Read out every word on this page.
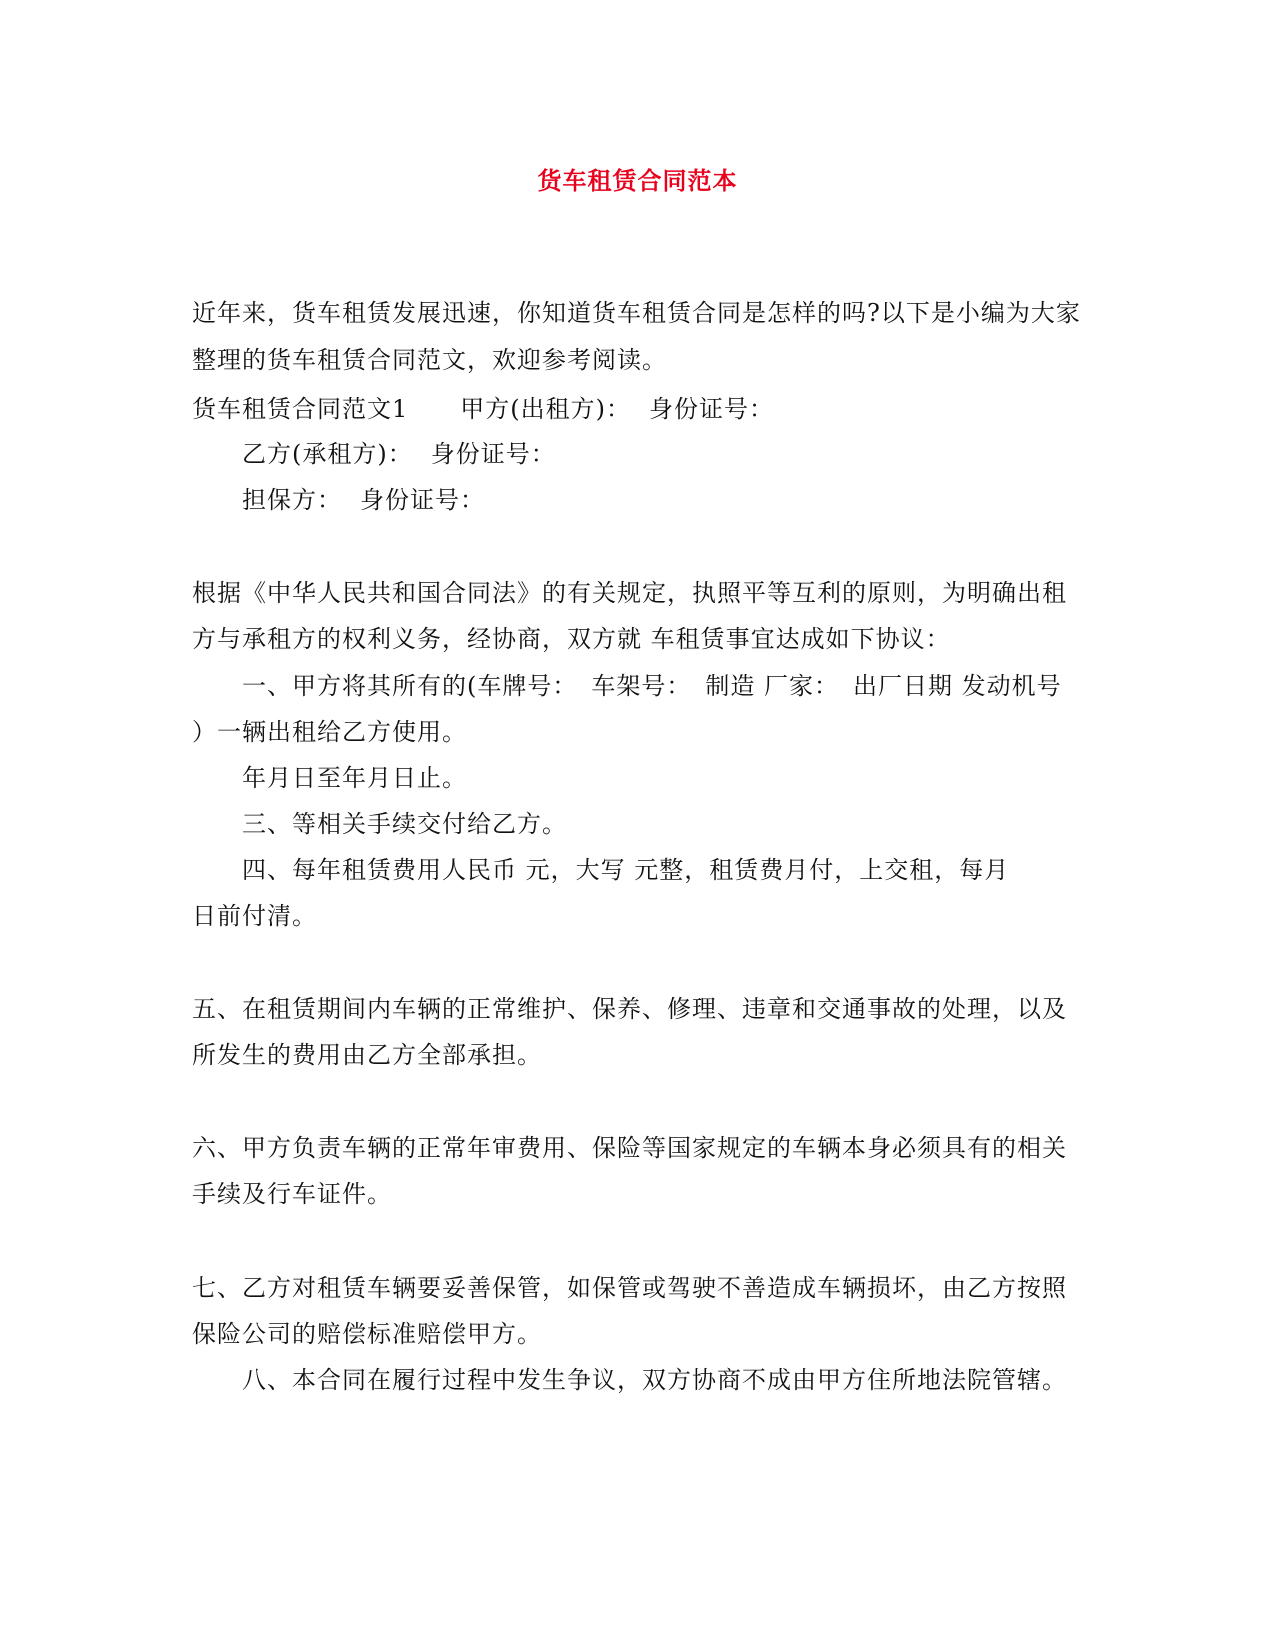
货车租赁合同范本
近年来，货车租赁发展迅速，你知道货车租赁合同是怎样的吗?以下是小编为大家
整理的货车租赁合同范文，欢迎参考阅读。
货车租赁合同范文1 甲方(出租方)： 身份证号：
乙方(承租方)： 身份证号：
担保方： 身份证号：
根据《中华人民共和国合同法》的有关规定，执照平等互利的原则，为明确出租
方与承租方的权利义务，经协商，双方就 车租赁事宜达成如下协议：
一、甲方将其所有的(车牌号： 车架号： 制造 厂家： 出厂日期 发动机号
）一辆出租给乙方使用。
年月日至年月日止。
三、等相关手续交付给乙方。
四、每年租赁费用人民币 元，大写 元整，租赁费月付，上交租，每月
日前付清。
五、在租赁期间内车辆的正常维护、保养、修理、违章和交通事故的处理，以及
所发生的费用由乙方全部承担。
六、甲方负责车辆的正常年审费用、保险等国家规定的车辆本身必须具有的相关
手续及行车证件。
七、乙方对租赁车辆要妥善保管，如保管或驾驶不善造成车辆损坏，由乙方按照
保险公司的赔偿标准赔偿甲方。
八、本合同在履行过程中发生争议，双方协商不成由甲方住所地法院管辖。
